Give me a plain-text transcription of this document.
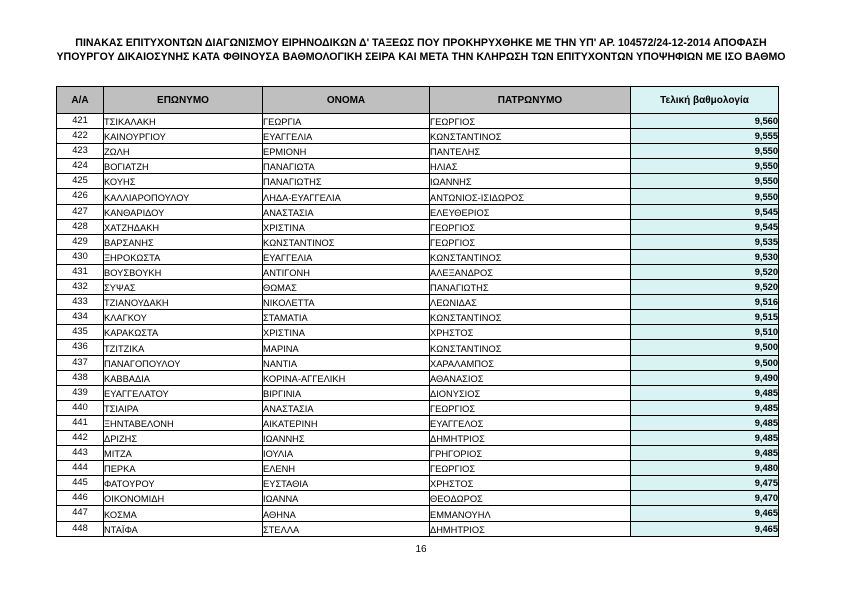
ΠΙΝΑΚΑΣ ΕΠΙΤΥΧΟΝΤΩΝ ΔΙΑΓΩΝΙΣΜΟΥ ΕΙΡΗΝΟΔΙΚΩΝ Δ' ΤΑΞΕΩΣ ΠΟΥ ΠΡΟΚΗΡΥΧΘΗΚΕ ΜΕ ΤΗΝ ΥΠ' ΑΡ. 104572/24-12-2014 ΑΠΟΦΑΣΗ
ΥΠΟΥΡΓΟΥ ΔΙΚΑΙΟΣΥΝΗΣ ΚΑΤΑ ΦΘΙΝΟΥΣΑ ΒΑΘΜΟΛΟΓΙΚΗ ΣΕΙΡΑ ΚΑΙ ΜΕΤΑ ΤΗΝ ΚΛΗΡΩΣΗ ΤΩΝ ΕΠΙΤΥΧΟΝΤΩΝ ΥΠΟΨΗΦΙΩΝ ΜΕ ΙΣΟ ΒΑΘΜΟ
Α/Α	ΕΠΩΝΥΜΟ	ΟΝΟΜΑ	ΠΑΤΡΩΝΥΜΟ	Τελική βαθμολογία
421	ΤΣΙΚΑΛΑΚΗ	ΓΕΩΡΓΙΑ	ΓΕΩΡΓΙΟΣ	9,560
422	ΚΑΙΝΟΥΡΓΙΟΥ	ΕΥΑΓΓΕΛΙΑ	ΚΩΝΣΤΑΝΤΙΝΟΣ	9,555
423	ΖΩΛΗ	ΕΡΜΙΟΝΗ	ΠΑΝΤΕΛΗΣ	9,550
424	ΒΟΓΙΑΤΖΗ	ΠΑΝΑΓΙΩΤΑ	ΗΛΙΑΣ	9,550
425	ΚΟΥΗΣ	ΠΑΝΑΓΙΩΤΗΣ	ΙΩΑΝΝΗΣ	9,550
426	ΚΑΛΛΙΑΡΟΠΟΥΛΟΥ	ΛΗΔΑ-ΕΥΑΓΓΕΛΙΑ	ΑΝΤΩΝΙΟΣ-ΙΣΙΔΩΡΟΣ	9,550
427	ΚΑΝΘΑΡΙΔΟΥ	ΑΝΑΣΤΑΣΙΑ	ΕΛΕΥΘΕΡΙΟΣ	9,545
428	ΧΑΤΖΗΔΑΚΗ	ΧΡΙΣΤΙΝΑ	ΓΕΩΡΓΙΟΣ	9,545
429	ΒΑΡΣΑΝΗΣ	ΚΩΝΣΤΑΝΤΙΝΟΣ	ΓΕΩΡΓΙΟΣ	9,535
430	ΞΗΡΟΚΩΣΤΑ	ΕΥΑΓΓΕΛΙΑ	ΚΩΝΣΤΑΝΤΙΝΟΣ	9,530
431	ΒΟΥΣΒΟΥΚΗ	ΑΝΤΙΓΟΝΗ	ΑΛΕΞΑΝΔΡΟΣ	9,520
432	ΣΥΨΑΣ	ΘΩΜΑΣ	ΠΑΝΑΓΙΩΤΗΣ	9,520
433	ΤΖΙΑΝΟΥΔΑΚΗ	ΝΙΚΟΛΕΤΤΑ	ΛΕΩΝΙΔΑΣ	9,516
434	ΚΛΑΓΚΟΥ	ΣΤΑΜΑΤΙΑ	ΚΩΝΣΤΑΝΤΙΝΟΣ	9,515
435	ΚΑΡΑΚΩΣΤΑ	ΧΡΙΣΤΙΝΑ	ΧΡΗΣΤΟΣ	9,510
436	ΤΖΙΤΖΙΚΑ	ΜΑΡΙΝΑ	ΚΩΝΣΤΑΝΤΙΝΟΣ	9,500
437	ΠΑΝΑΓΟΠΟΥΛΟΥ	ΝΑΝΤΙΑ	ΧΑΡΑΛΑΜΠΟΣ	9,500
438	ΚΑΒΒΑΔΙΑ	ΚΟΡΙΝΑ-ΑΓΓΕΛΙΚΗ	ΑΘΑΝΑΣΙΟΣ	9,490
439	ΕΥΑΓΓΕΛΑΤΟΥ	ΒΙΡΓΙΝΙΑ	ΔΙΟΝΥΣΙΟΣ	9,485
440	ΤΣΙΑΙΡΑ	ΑΝΑΣΤΑΣΙΑ	ΓΕΩΡΓΙΟΣ	9,485
441	ΞΗΝΤΑΒΕΛΟΝΗ	ΑΙΚΑΤΕΡΙΝΗ	ΕΥΑΓΓΕΛΟΣ	9,485
442	ΔΡΙΖΗΣ	ΙΩΑΝΝΗΣ	ΔΗΜΗΤΡΙΟΣ	9,485
443	ΜΙΤΖΑ	ΙΟΥΛΙΑ	ΓΡΗΓΟΡΙΟΣ	9,485
444	ΠΕΡΚΑ	ΕΛΕΝΗ	ΓΕΩΡΓΙΟΣ	9,480
445	ΦΑΤΟΥΡΟΥ	ΕΥΣΤΑΘΙΑ	ΧΡΗΣΤΟΣ	9,475
446	ΟΙΚΟΝΟΜΙΔΗ	ΙΩΑΝΝΑ	ΘΕΟΔΩΡΟΣ	9,470
447	ΚΟΣΜΑ	ΑΘΗΝΑ	ΕΜΜΑΝΟΥΗΛ	9,465
448	ΝΤΑΪΦΑ	ΣΤΕΛΛΑ	ΔΗΜΗΤΡΙΟΣ	9,465
16
